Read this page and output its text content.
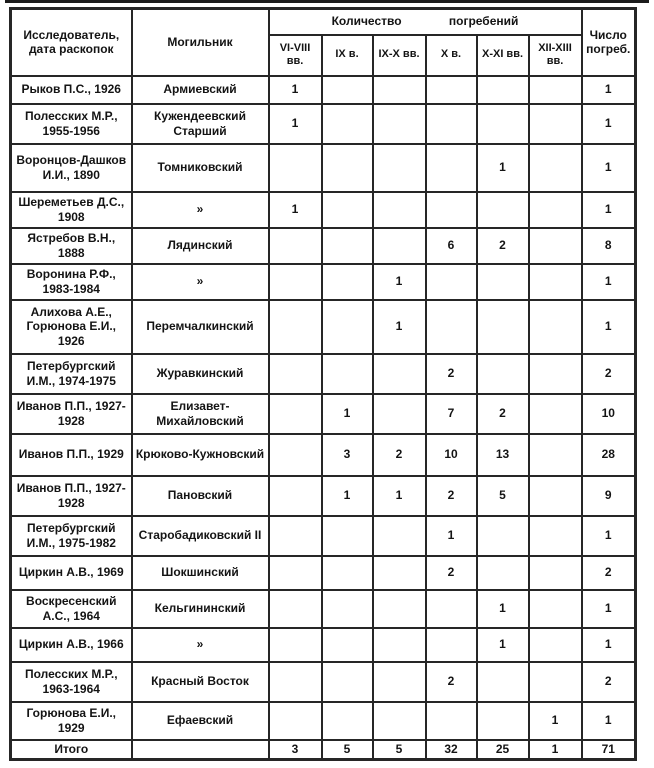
Исследователь, дата раскопок	Могильник	Количество погребений						Число погреб.
		VI-VIII вв.	IX в.	IX-X вв.	X в.	X-XI вв.	XII-XIII вв.	
Рыков П.С., 1926	Армиевский	1						1
Полесских М.Р., 1955-1956	Кужендеевский Старший	1						1
Воронцов-Дашков И.И., 1890	Томниковский					1		1
Шереметьев Д.С., 1908	»	1						1
Ястребов В.Н., 1888	Лядинский				6	2		8
Воронина Р.Ф., 1983-1984	»			1				1
Алихова А.Е., Горюнова Е.И., 1926	Перемчалкинский			1				1
Петербургский И.М., 1974-1975	Журавкинский				2			2
Иванов П.П., 1927-1928	Елизавет-Михайловский		1		7	2		10
Иванов П.П., 1929	Крюково-Кужновский		3	2	10	13		28
Иванов П.П., 1927-1928	Пановский		1	1	2	5		9
Петербургский И.М., 1975-1982	Старобадиковский II				1			1
Циркин А.В., 1969	Шокшинский				2			2
Воскресенский А.С., 1964	Кельгининский					1		1
Циркин А.В., 1966	»					1		1
Полесских М.Р., 1963-1964	Красный Восток				2			2
Горюнова Е.И., 1929	Ефаевский						1	1
Итого		3	5	5	32	25	1	71
